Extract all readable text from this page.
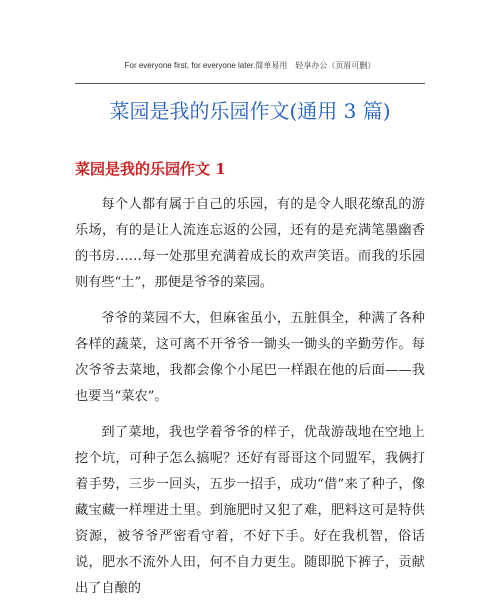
For everyone first, for everyone later.简单易用　轻享办公（页眉可删）
菜园是我的乐园作文(通用 3 篇)
菜园是我的乐园作文 1
每个人都有属于自己的乐园，有的是令人眼花缭乱的游乐场，有的是让人流连忘返的公园，还有的是充满笔墨幽香的书房……每一处那里充满着成长的欢声笑语。而我的乐园则有些“土”，那便是爷爷的菜园。
爷爷的菜园不大，但麻雀虽小，五脏俱全，种满了各种各样的蔬菜，这可离不开爷爷一锄头一锄头的辛勤劳作。每次爷爷去菜地，我都会像个小尾巴一样跟在他的后面——我也要当“菜农”。
到了菜地，我也学着爷爷的样子，优哉游哉地在空地上挖个坑，可种子怎么搞呢？还好有哥哥这个同盟军，我俩打着手势，三步一回头，五步一招手，成功“借”来了种子，像藏宝藏一样埋进土里。到施肥时又犯了难，肥料这可是特供资源，被爷爷严密看守着，不好下手。好在我机智，俗话说，肥水不流外人田，何不自力更生。随即脱下裤子，贡献出了自酿的
